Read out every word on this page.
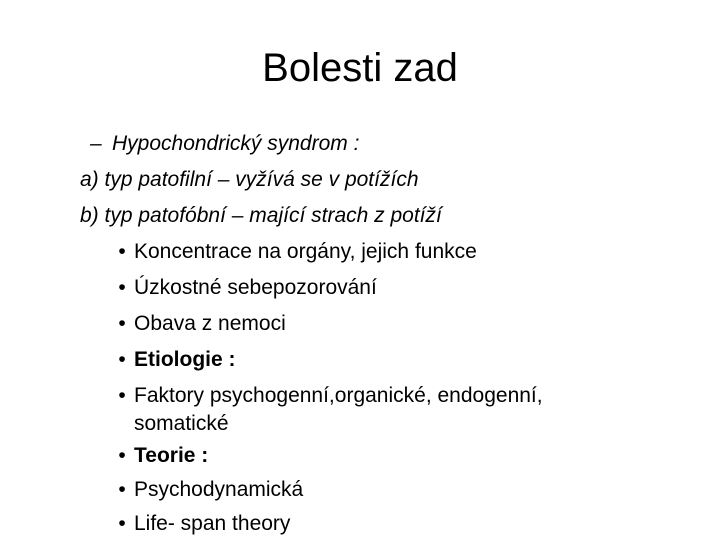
Bolesti zad
– Hypochondrický syndrom :
a) typ patofilní – vyžívá se v potížích
b) typ patofóbní – mající strach z potíží
• Koncentrace na orgány, jejich funkce
• Úzkostné sebepozorování
• Obava z nemoci
• Etiologie :
• Faktory psychogenní,organické, endogenní,
somatické
• Teorie :
• Psychodynamická
• Life- span theory
